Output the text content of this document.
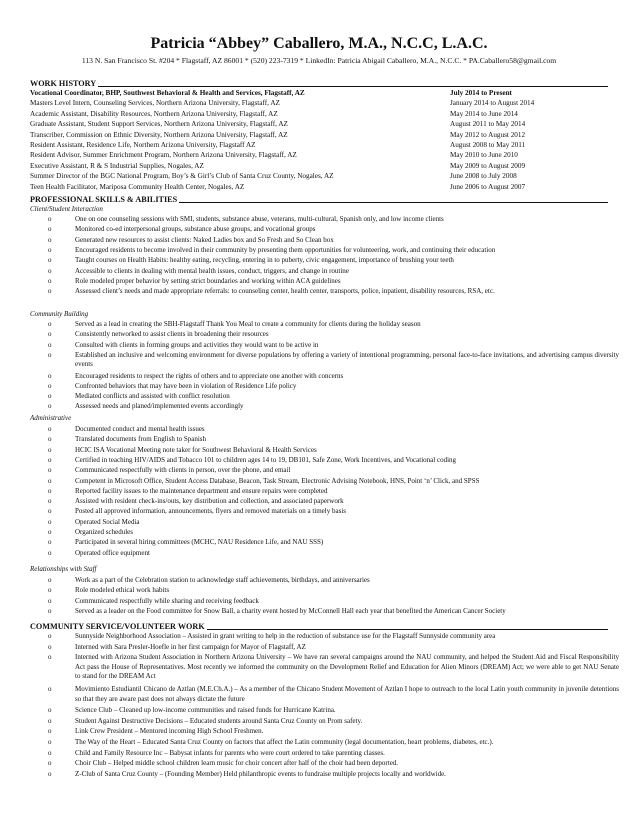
Patricia “Abbey” Caballero, M.A., N.C.C, L.A.C.
113 N. San Francisco St. #204 * Flagstaff, AZ 86001 * (520) 223-7319 * LinkedIn: Patricia Abigail Caballero, M.A., N.C.C. * PA.Caballero58@gmail.com
WORK HISTORY
PROFESSIONAL SKILLS & ABILITIES
COMMUNITY SERVICE/VOLUNTEER WORK
Vocational Coordinator, BHP, Southwest Behavioral & Health and Services, Flagstaff, AZ	July 2014 to Present
Masters Level Intern, Counseling Services, Northern Arizona University, Flagstaff, AZ	January 2014 to August 2014
Academic Assistant, Disability Resources, Northern Arizona University, Flagstaff, AZ	May 2014 to June 2014
Graduate Assistant, Student Support Services, Northern Arizona University, Flagstaff, AZ	August 2011 to May 2014
Transcriber, Commission on Ethnic Diversity, Northern Arizona University, Flagstaff, AZ	May 2012 to August 2012
Resident Assistant, Residence Life, Northern Arizona University, Flagstaff AZ	August 2008 to May 2011
Resident Advisor, Summer Enrichment Program, Northern Arizona University, Flagstaff, AZ	May 2010 to June 2010
Executive Assistant, R & S Industrial Supplies, Nogales, AZ	May 2009 to August 2009
Summer Director of the BGC National Program, Boy’s & Girl’s Club of Santa Cruz County, Nogales, AZ	June 2008 to July 2008
Teen Health Facilitator, Mariposa Community Health Center, Nogales, AZ	June 2006 to August 2007
Client/Student Interaction
o	One on one counseling sessions with SMI, students, substance abuse, veterans, multi-cultural, Spanish only, and low income clients
o	Monitored co-ed interpersonal groups, substance abuse groups, and vocational groups
o	Generated new resources to assist clients: Naked Ladies box and So Fresh and So Clean box
o	Encouraged residents to become involved in their community by presenting them opportunities for volunteering, work, and continuing their education
o	Taught courses on Health Habits: healthy eating, recycling, entering in to puberty, civic engagement, importance of brushing your teeth
o	Accessible to clients in dealing with mental health issues, conduct, triggers, and change in routine
o	Role modeled proper behavior by setting strict boundaries and working within ACA guidelines
o	Assessed client’s needs and made appropriate referrals: to counseling center, health center, transports, police, inpatient, disability resources, RSA, etc.
Community Building
o	Served as a lead in creating the SBH-Flagstaff Thank You Meal to create a community for clients during the holiday season
o	Consistently networked to assist clients in broadening their resources
o	Consulted with clients in forming groups and activities they would want to be active in
o	Established an inclusive and welcoming environment for diverse populations by offering a variety of intentional programming, personal face-to-face invitations, and advertising campus diversity events
o	Encouraged residents to respect the rights of others and to appreciate one another with concerns
o	Confronted behaviors that may have been in violation of Residence Life policy
o	Mediated conflicts and assisted with conflict resolution
o	Assessed needs and planed/implemented events accordingly
Administrative
o	Documented conduct and mental health issues
o	Translated documents from English to Spanish
o	HCIC ISA Vocational Meeting note taker for Southwest Behavioral & Health Services
o	Certified in teaching HIV/AIDS and Tobacco 101 to children ages 14 to 19, DB101, Safe Zone, Work Incentives, and Vocational coding
o	Communicated respectfully with clients in person, over the phone, and email
o	Competent in Microsoft Office, Student Access Database, Beacon, Task Stream, Electronic Advising Notebook, HNS, Point ‘n’ Click, and SPSS
o	Reported facility issues to the maintenance department and ensure repairs were completed
o	Assisted with resident check-ins/outs, key distribution and collection, and associated paperwork
o	Posted all approved information, announcements, flyers and removed materials on a timely basis
o	Operated Social Media
o	Organized schedules
o	Participated in several hiring committees (MCHC, NAU Residence Life, and NAU SSS)
o	Operated office equipment
Relationships with Staff
o	Work as a part of the Celebration station to acknowledge staff achievements, birthdays, and anniversaries
o	Role modeled ethical work habits
o	Communicated respectfully while sharing and receiving feedback
o	Served as a leader on the Food committee for Snow Ball, a charity event hosted by McConnell Hall each year that benefited the American Cancer Society
o	Sunnyside Neighborhood Association – Assisted in grant writing to help in the reduction of substance use for the Flagstaff Sunnyside community area
o	Interned with Sara Presler-Hoefle in her first campaign for Mayor of Flagstaff, AZ
o	Interned with Arizona Student Association in Northern Arizona University – We have ran several campaigns around the NAU community, and helped the Student Aid and Fiscal Responsibility Act pass the House of Representatives. Most recently we informed the community on the Development Relief and Education for Alien Minors (DREAM) Act; we were able to get NAU Senate to stand for the DREAM Act
o	Movimiento Estudiantil Chicano de Aztlan (M.E.Ch.A.) – As a member of the Chicano Student Movement of Aztlan I hope to outreach to the local Latin youth community in juvenile detentions so that they are aware past does not always dictate the future
o	Science Club – Cleaned up low-income communities and raised funds for Hurricane Katrina.
o	Student Against Destructive Decisions – Educated students around Santa Cruz County on Prom safety.
o	Link Crew President – Mentored incoming High School Freshmen.
o	The Way of the Heart – Educated Santa Cruz County on factors that affect the Latin community (legal documentation, heart problems, diabetes, etc.).
o	Child and Family Resource Inc – Babysat infants for parents who were court ordered to take parenting classes.
o	Choir Club – Helped middle school children learn music for choir concert after half of the choir had been deported.
o	Z-Club of Santa Cruz County – (Founding Member) Held philanthropic events to fundraise multiple projects locally and worldwide.
